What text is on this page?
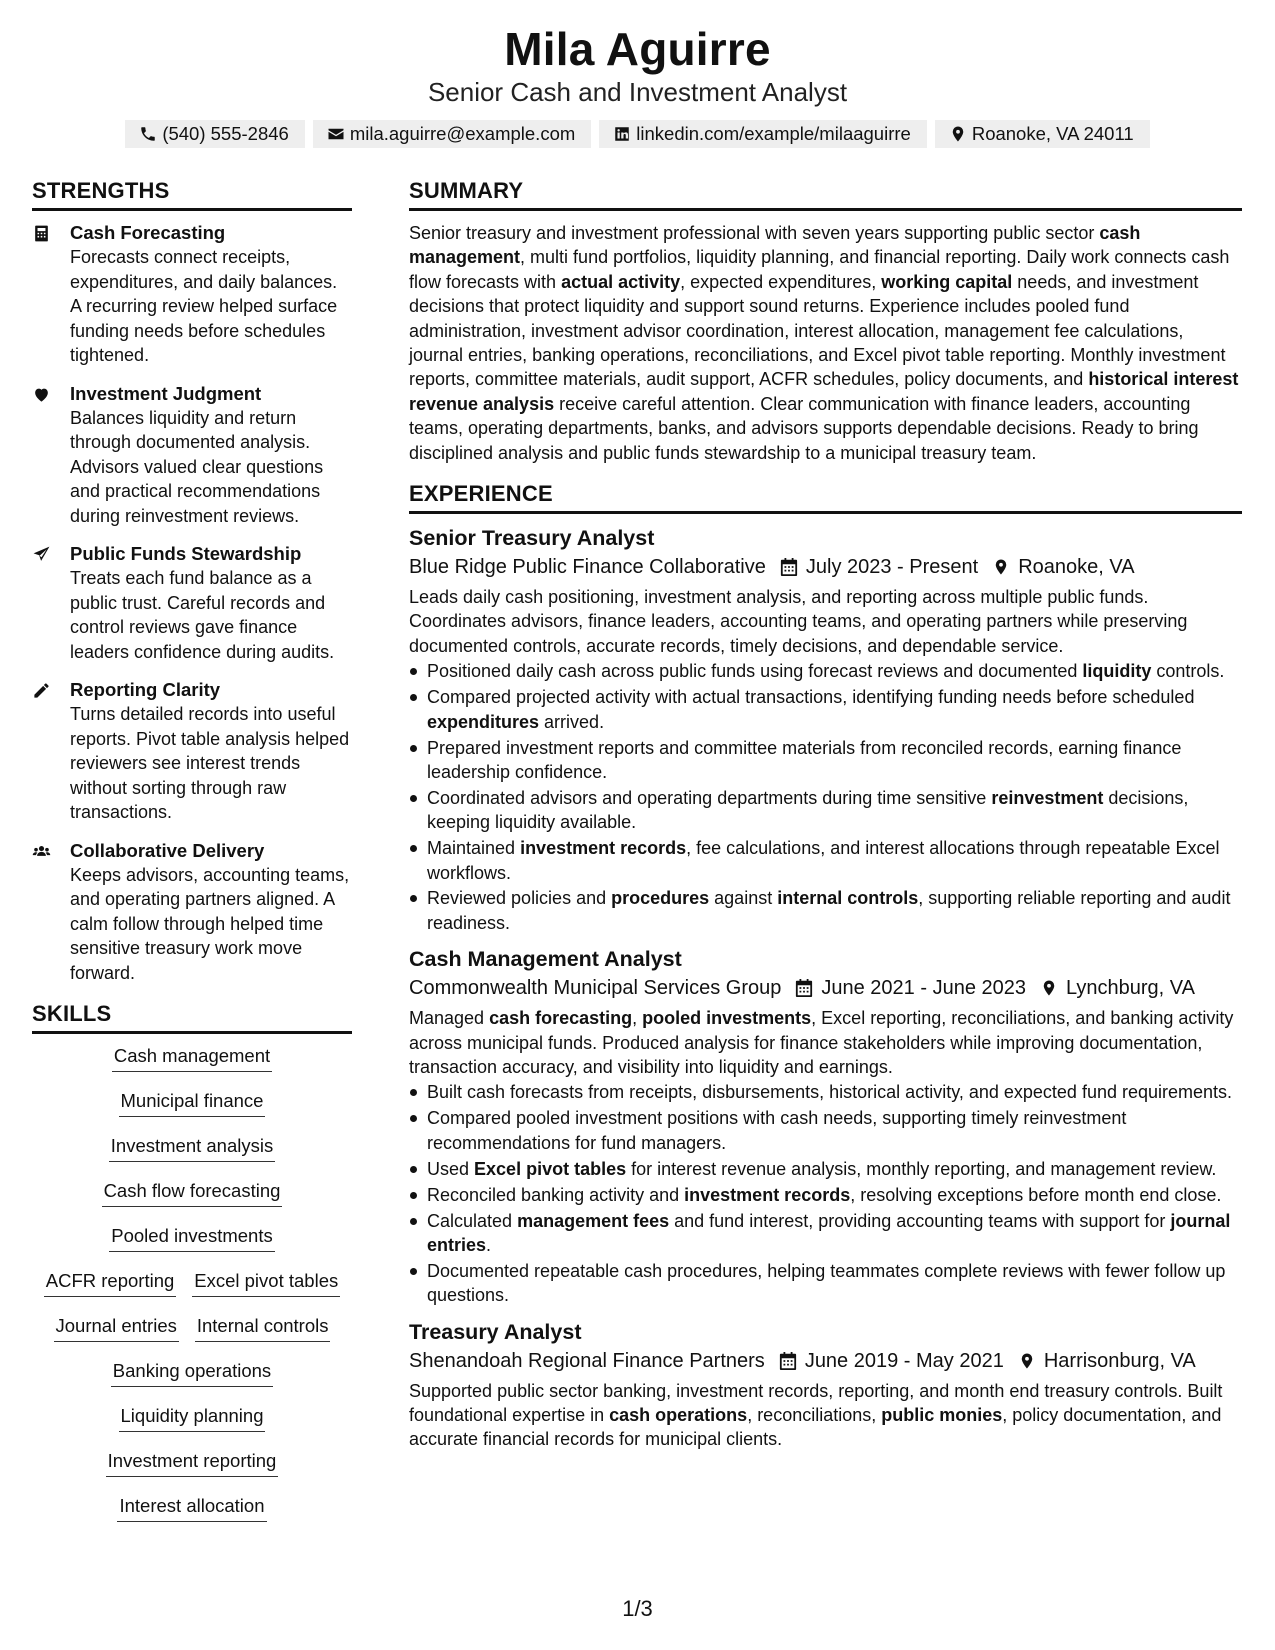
Mila Aguirre
Senior Cash and Investment Analyst
(540) 555-2846	mila.aguirre@example.com	linkedin.com/example/milaaguirre	Roanoke, VA 24011
STRENGTHS
Cash Forecasting
Forecasts connect receipts, expenditures, and daily balances. A recurring review helped surface funding needs before schedules tightened.
Investment Judgment
Balances liquidity and return through documented analysis. Advisors valued clear questions and practical recommendations during reinvestment reviews.
Public Funds Stewardship
Treats each fund balance as a public trust. Careful records and control reviews gave finance leaders confidence during audits.
Reporting Clarity
Turns detailed records into useful reports. Pivot table analysis helped reviewers see interest trends without sorting through raw transactions.
Collaborative Delivery
Keeps advisors, accounting teams, and operating partners aligned. A calm follow through helped time sensitive treasury work move forward.
SKILLS
Cash management
Municipal finance
Investment analysis
Cash flow forecasting
Pooled investments
ACFR reporting Excel pivot tables
Journal entries Internal controls
Banking operations
Liquidity planning
Investment reporting
Interest allocation
SUMMARY
Senior treasury and investment professional with seven years supporting public sector cash management, multi fund portfolios, liquidity planning, and financial reporting. Daily work connects cash flow forecasts with actual activity, expected expenditures, working capital needs, and investment decisions that protect liquidity and support sound returns. Experience includes pooled fund administration, investment advisor coordination, interest allocation, management fee calculations, journal entries, banking operations, reconciliations, and Excel pivot table reporting. Monthly investment reports, committee materials, audit support, ACFR schedules, policy documents, and historical interest revenue analysis receive careful attention. Clear communication with finance leaders, accounting teams, operating departments, banks, and advisors supports dependable decisions. Ready to bring disciplined analysis and public funds stewardship to a municipal treasury team.
EXPERIENCE
Senior Treasury Analyst
Blue Ridge Public Finance Collaborative July 2023 - Present Roanoke, VA
Leads daily cash positioning, investment analysis, and reporting across multiple public funds. Coordinates advisors, finance leaders, accounting teams, and operating partners while preserving documented controls, accurate records, timely decisions, and dependable service.
Positioned daily cash across public funds using forecast reviews and documented liquidity controls.
Compared projected activity with actual transactions, identifying funding needs before scheduled expenditures arrived.
Prepared investment reports and committee materials from reconciled records, earning finance leadership confidence.
Coordinated advisors and operating departments during time sensitive reinvestment decisions, keeping liquidity available.
Maintained investment records, fee calculations, and interest allocations through repeatable Excel workflows.
Reviewed policies and procedures against internal controls, supporting reliable reporting and audit readiness.
Cash Management Analyst
Commonwealth Municipal Services Group June 2021 - June 2023 Lynchburg, VA
Managed cash forecasting, pooled investments, Excel reporting, reconciliations, and banking activity across municipal funds. Produced analysis for finance stakeholders while improving documentation, transaction accuracy, and visibility into liquidity and earnings.
Built cash forecasts from receipts, disbursements, historical activity, and expected fund requirements.
Compared pooled investment positions with cash needs, supporting timely reinvestment recommendations for fund managers.
Used Excel pivot tables for interest revenue analysis, monthly reporting, and management review.
Reconciled banking activity and investment records, resolving exceptions before month end close.
Calculated management fees and fund interest, providing accounting teams with support for journal entries.
Documented repeatable cash procedures, helping teammates complete reviews with fewer follow up questions.
Treasury Analyst
Shenandoah Regional Finance Partners June 2019 - May 2021 Harrisonburg, VA
Supported public sector banking, investment records, reporting, and month end treasury controls. Built foundational expertise in cash operations, reconciliations, public monies, policy documentation, and accurate financial records for municipal clients.
1/3
